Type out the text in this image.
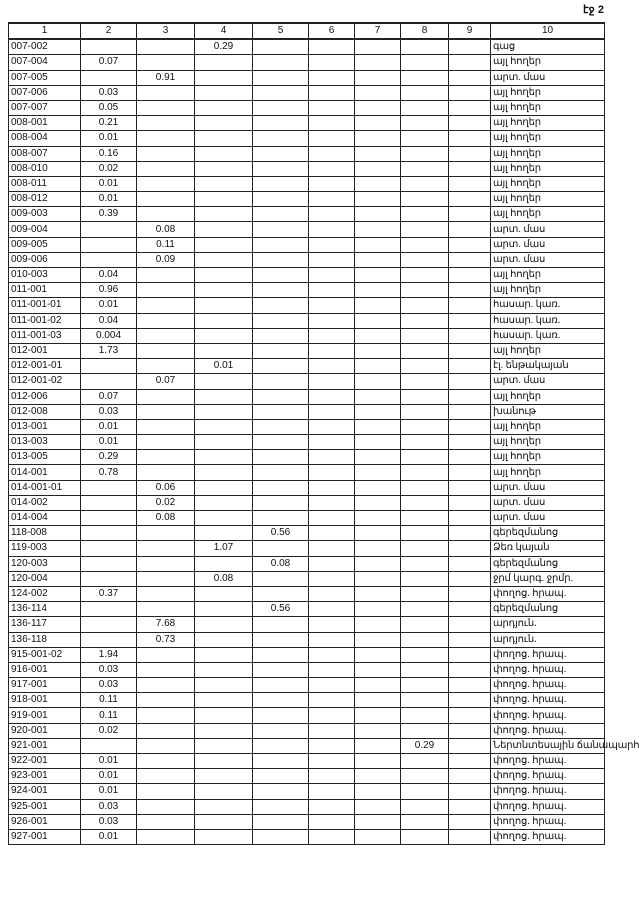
էջ 2
1	2	3	4	5	6	7	8	9	10
007-002			0.29						գաց
007-004	0.07								այլ հողեր
007-005		0.91							արտ. մաս
007-006	0.03								այլ հողեր
007-007	0.05								այլ հողեր
008-001	0.21								այլ հողեր
008-004	0.01								այլ հողեր
008-007	0.16								այլ հողեր
008-010	0.02								այլ հողեր
008-011	0.01								այլ հողեր
008-012	0.01								այլ հողեր
009-003	0.39								այլ հողեր
009-004		0.08							արտ. մաս
009-005		0.11							արտ. մաս
009-006		0.09							արտ. մաս
010-003	0.04								այլ հողեր
011-001	0.96								այլ հողեր
011-001-01	0.01								հասար. կառ.
011-001-02	0.04								հասար. կառ.
011-001-03	0.004								հասար. կառ.
012-001	1.73								այլ հողեր
012-001-01			0.01						էլ. ենթակայան
012-001-02		0.07							արտ. մաս
012-006	0.07								այլ հողեր
012-008	0.03								խանութ
013-001	0.01								այլ հողեր
013-003	0.01								այլ հողեր
013-005	0.29								այլ հողեր
014-001	0.78								այլ հողեր
014-001-01		0.06							արտ. մաս
014-002		0.02							արտ. մաս
014-004		0.08							արտ. մաս
118-008				0.56					գերեզմանոց
119-003			1.07						Ձեռ կայան
120-003				0.08					գերեզմանոց
120-004			0.08						ջրմ կարգ. ջրմր.
124-002	0.37								փողոց. հրապ.
136-114				0.56					գերեզմանոց
136-117		7.68							արդյուն.
136-118		0.73							արդյուն.
915-001-02	1.94								փողոց. հրապ.
916-001	0.03								փողոց. հրապ.
917-001	0.03								փողոց. հրապ.
918-001	0.11								փողոց. հրապ.
919-001	0.11								փողոց. հրապ.
920-001	0.02								փողոց. հրապ.
921-001							0.29		Ներտնտեսային ճանապարհ
922-001	0.01								փողոց. հրապ.
923-001	0.01								փողոց. հրապ.
924-001	0.01								փողոց. հրապ.
925-001	0.03								փողոց. հրապ.
926-001	0.03								փողոց. հրապ.
927-001	0.01								փողոց. հրապ.
